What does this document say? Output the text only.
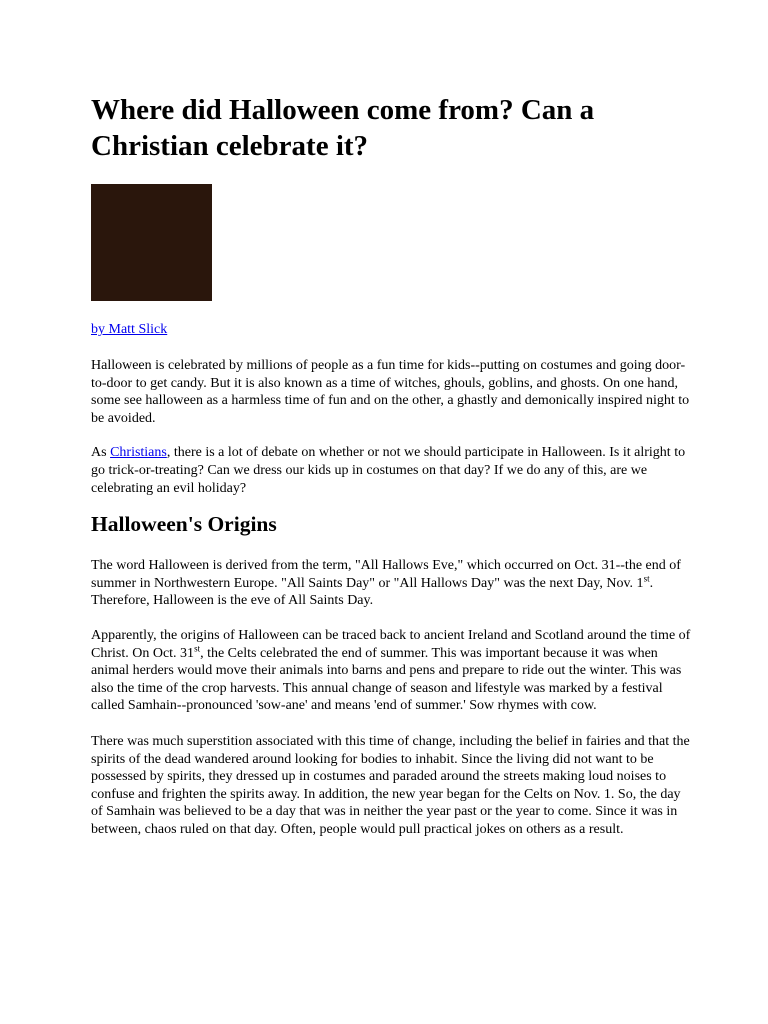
Where did Halloween come from? Can a
Christian celebrate it?
by Matt Slick

Halloween is celebrated by millions of people as a fun time for kids--putting on costumes and going door-to-door to get candy. But it is also known as a time of witches, ghouls, goblins, and ghosts. On one hand, some see halloween as a harmless time of fun and on the other, a ghastly and demonically inspired night to be avoided.

As Christians, there is a lot of debate on whether or not we should participate in Halloween. Is it alright to go trick-or-treating? Can we dress our kids up in costumes on that day? If we do any of this, are we celebrating an evil holiday?

Halloween's Origins

The word Halloween is derived from the term, "All Hallows Eve," which occurred on Oct. 31--the end of summer in Northwestern Europe. "All Saints Day" or "All Hallows Day" was the next Day, Nov. 1st. Therefore, Halloween is the eve of All Saints Day.

Apparently, the origins of Halloween can be traced back to ancient Ireland and Scotland around the time of Christ. On Oct. 31st, the Celts celebrated the end of summer. This was important because it was when animal herders would move their animals into barns and pens and prepare to ride out the winter. This was also the time of the crop harvests. This annual change of season and lifestyle was marked by a festival called Samhain--pronounced 'sow-ane' and means 'end of summer.' Sow rhymes with cow.

There was much superstition associated with this time of change, including the belief in fairies and that the spirits of the dead wandered around looking for bodies to inhabit. Since the living did not want to be possessed by spirits, they dressed up in costumes and paraded around the streets making loud noises to confuse and frighten the spirits away. In addition, the new year began for the Celts on Nov. 1. So, the day of Samhain was believed to be a day that was in neither the year past or the year to come. Since it was in between, chaos ruled on that day. Often, people would pull practical jokes on others as a result.
